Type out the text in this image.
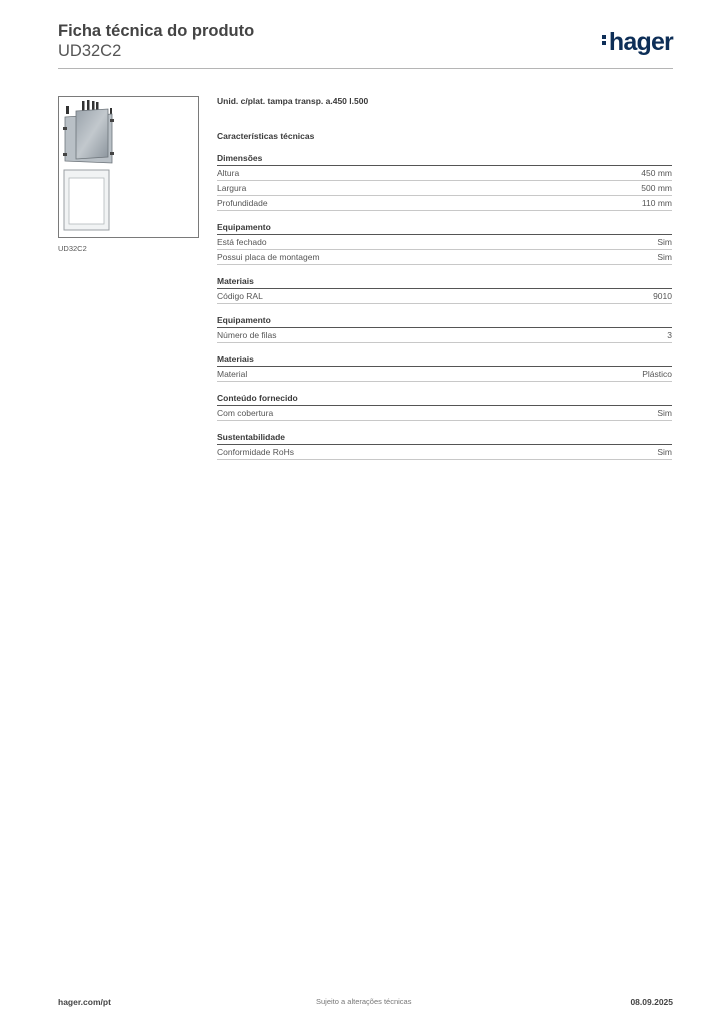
Ficha técnica do produto
UD32C2	hager
UD32C2
Unid. c/plat. tampa transp. a.450 l.500
Características técnicas
Dimensões
Altura	450 mm
Largura	500 mm
Profundidade	110 mm
Equipamento
Está fechado	Sim
Possui placa de montagem	Sim
Materiais
Código RAL	9010
Equipamento
Número de filas	3
Materiais
Material	Plástico
Conteúdo fornecido
Com cobertura	Sim
Sustentabilidade
Conformidade RoHs	Sim
hager.com/pt	Sujeito a alterações técnicas	08.09.2025
